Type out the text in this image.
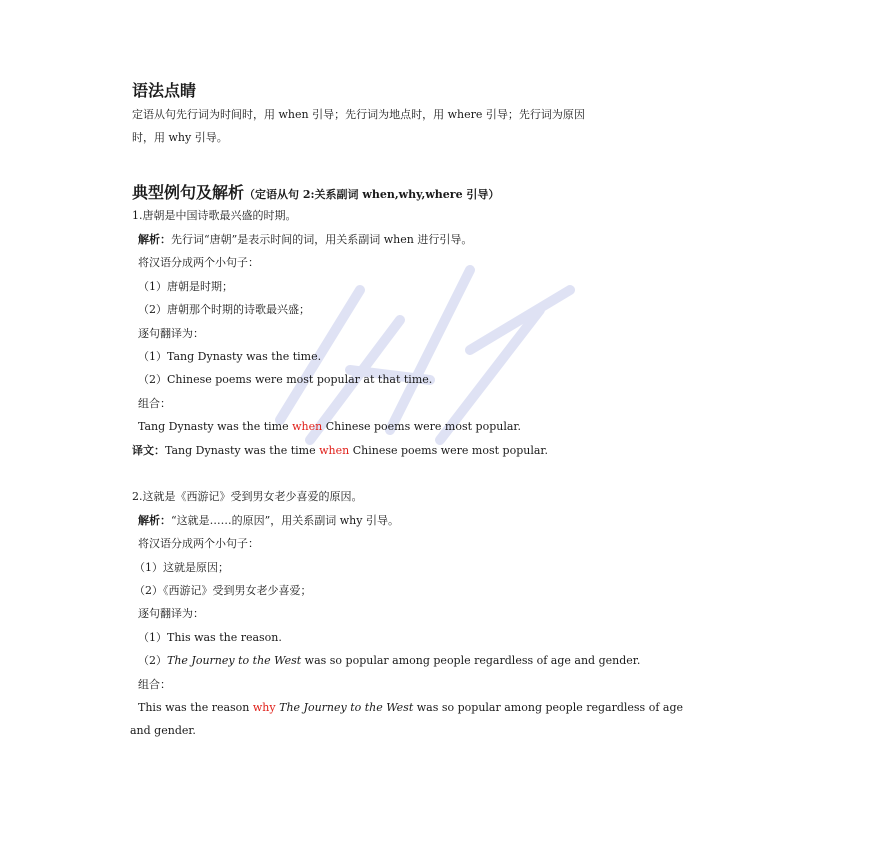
语法点睛
定语从句先行词为时间时，用 when 引导；先行词为地点时，用 where 引导；先行词为原因
时，用 why 引导。
典型例句及解析（定语从句 2:关系副词 when,why,where 引导）
1.唐朝是中国诗歌最兴盛的时期。
解析：先行词“唐朝”是表示时间的词，用关系副词 when 进行引导。
将汉语分成两个小句子：
（1）唐朝是时期；
（2）唐朝那个时期的诗歌最兴盛；
逐句翻译为：
（1）Tang Dynasty was the time.
（2）Chinese poems were most popular at that time.
组合：
Tang Dynasty was the time when Chinese poems were most popular.
译文：Tang Dynasty was the time when Chinese poems were most popular.
2.这就是《西游记》受到男女老少喜爱的原因。
解析：“这就是……的原因”，用关系副词 why 引导。
将汉语分成两个小句子：
（1）这就是原因；
（2）《西游记》受到男女老少喜爱；
逐句翻译为：
（1）This was the reason.
（2）The Journey to the West was so popular among people regardless of age and gender.
组合：
This was the reason why The Journey to the West was so popular among people regardless of age
and gender.
